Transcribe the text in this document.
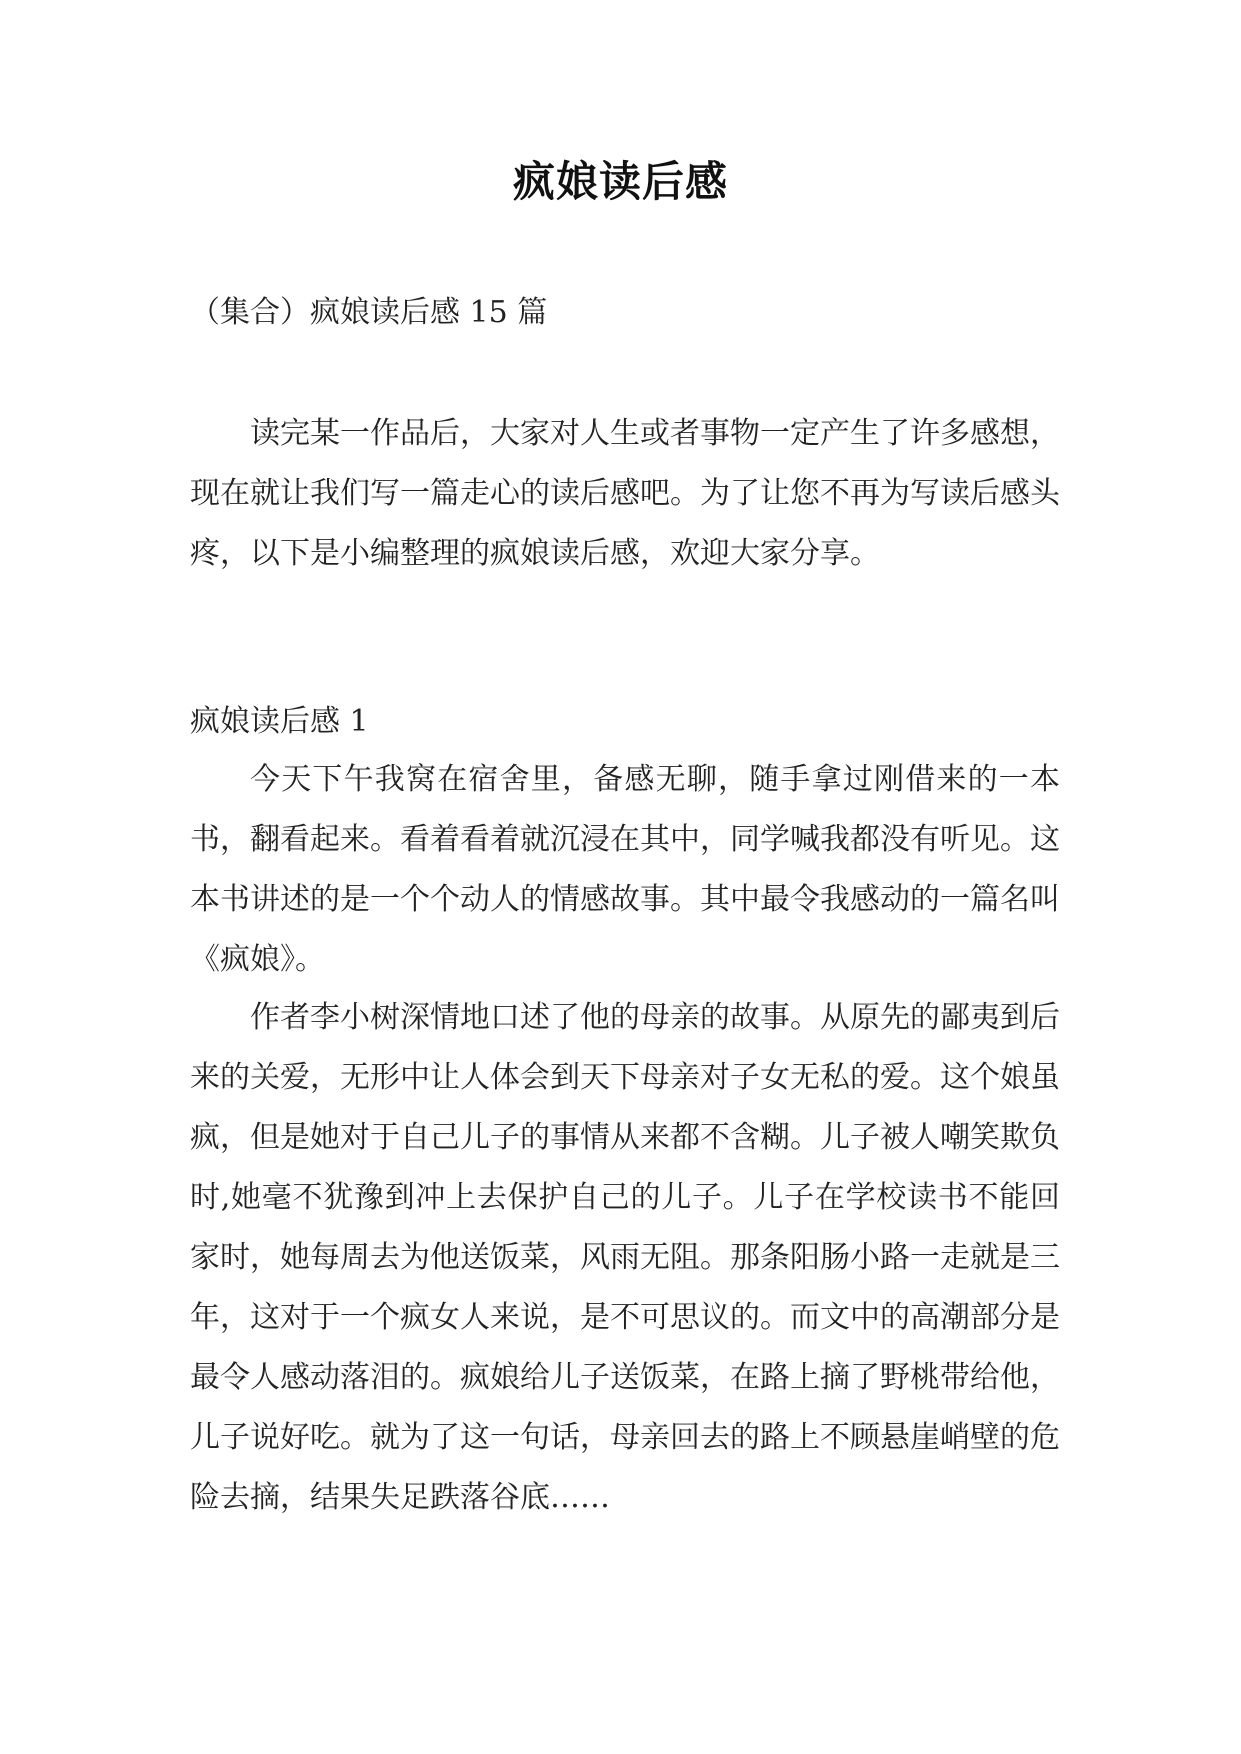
疯娘读后感
（集合）疯娘读后感 15 篇

读完某一作品后，大家对人生或者事物一定产生了许多感想，现在就让我们写一篇走心的读后感吧。为了让您不再为写读后感头疼，以下是小编整理的疯娘读后感，欢迎大家分享。

疯娘读后感 1

今天下午我窝在宿舍里，备感无聊，随手拿过刚借来的一本书，翻看起来。看着看着就沉浸在其中，同学喊我都没有听见。这本书讲述的是一个个动人的情感故事。其中最令我感动的一篇名叫《疯娘》。

作者李小树深情地口述了他的母亲的故事。从原先的鄙夷到后来的关爱，无形中让人体会到天下母亲对子女无私的爱。这个娘虽疯，但是她对于自己儿子的事情从来都不含糊。儿子被人嘲笑欺负时,她毫不犹豫到冲上去保护自己的儿子。儿子在学校读书不能回家时，她每周去为他送饭菜，风雨无阻。那条阳肠小路一走就是三年，这对于一个疯女人来说，是不可思议的。而文中的高潮部分是最令人感动落泪的。疯娘给儿子送饭菜，在路上摘了野桃带给他，儿子说好吃。就为了这一句话，母亲回去的路上不顾悬崖峭壁的危险去摘，结果失足跌落谷底……
